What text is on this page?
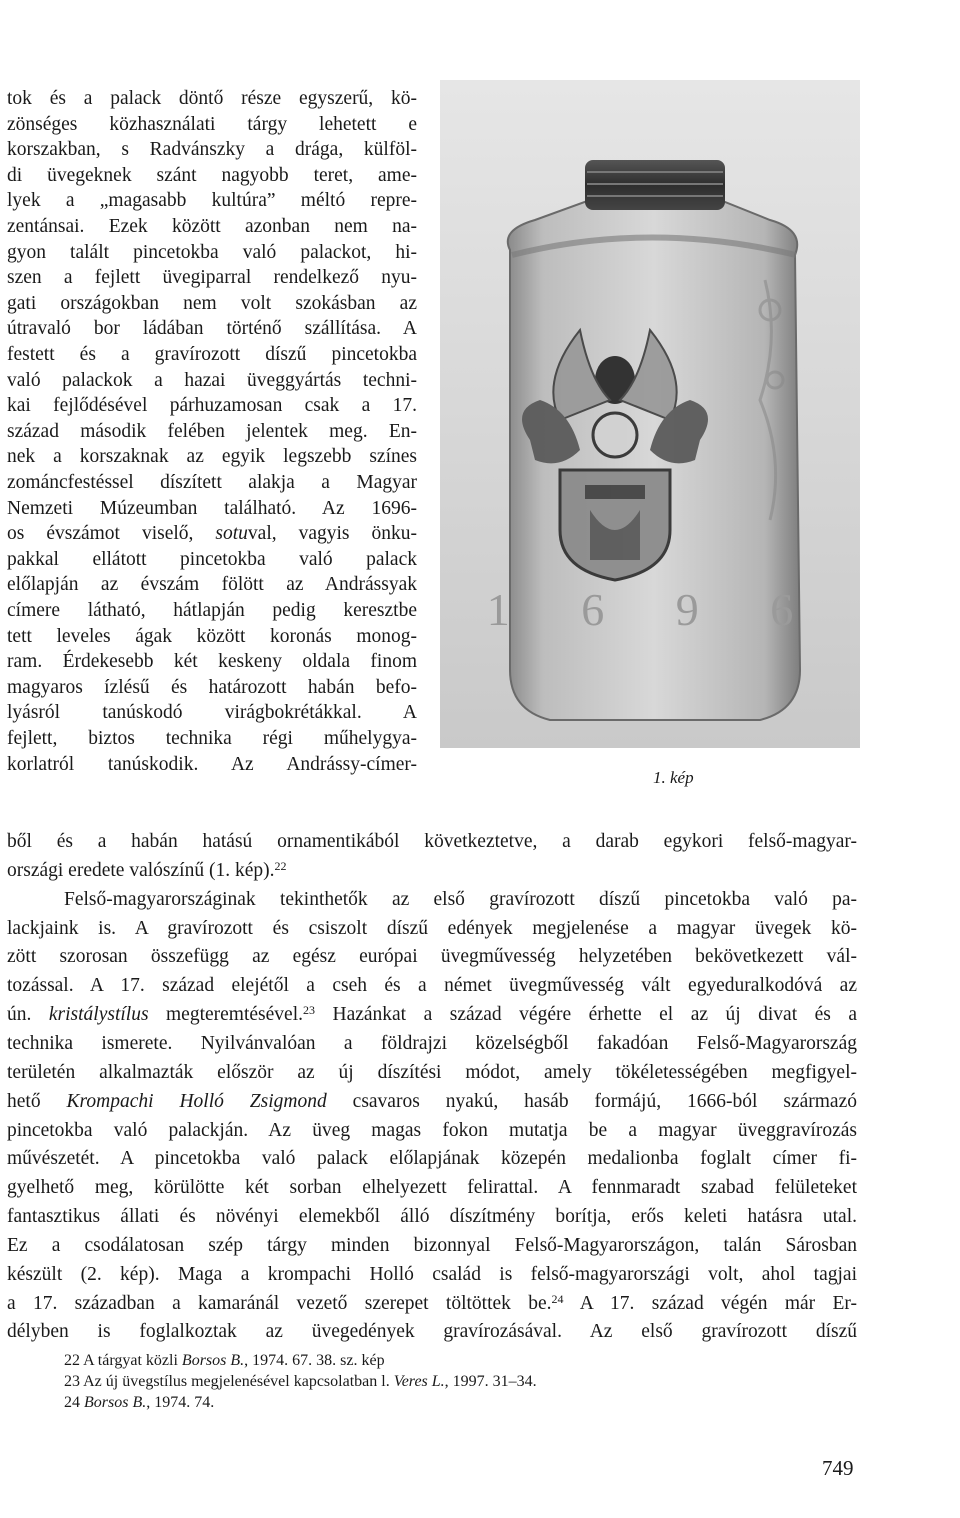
tok és a palack döntő része egyszerű, kö-
zönséges közhasználati tárgy lehetett e
korszakban, s Radvánszky a drága, külföl-
di üvegeknek szánt nagyobb teret, ame-
lyek a „magasabb kultúra” méltó repre-
zentánsai. Ezek között azonban nem na-
gyon talált pincetokba való palackot, hi-
szen a fejlett üvegiparral rendelkező nyu-
gati országokban nem volt szokásban az
útravaló bor ládában történő szállítása. A
festett és a gravírozott díszű pincetokba
való palackok a hazai üveggyártás techni-
kai fejlődésével párhuzamosan csak a 17.
század második felében jelentek meg. En-
nek a korszaknak az egyik legszebb színes
zománcfestéssel díszített alakja a Magyar
Nemzeti Múzeumban található. Az 1696-
os évszámot viselő, sotuval, vagyis önku-
pakkal ellátott pincetokba való palack
előlapján az évszám fölött az Andrássyak
címere látható, hátlapján pedig keresztbe
tett leveles ágak között koronás monog-
ram. Érdekesebb két keskeny oldala finom
magyaros ízlésű és határozott habán befo-
lyásról tanúskodó virágbokrétákkal. A
fejlett, biztos technika régi műhelygya-
korlatról tanúskodik. Az Andrássy-címer-
ből és a habán hatású ornamentikából következtetve, a darab egykori felső-magyar-
országi eredete valószínű (1. kép).$^{22}$
Felső-magyarországinak tekinthetők az első gravírozott díszű pincetokba való pa-
lackjaink is. A gravírozott és csiszolt díszű edények megjelenése a magyar üvegek kö-
zött szorosan összefügg az egész európai üvegművesség helyzetében bekövetkezett vál-
tozással. A 17. század elejétől a cseh és a német üvegművesség vált egyeduralkodóvá az
ún. kristálystílus megteremtésével.$^{23}$ Hazánkat a század végére érhette el az új divat és a
technika ismerete. Nyilvánvalóan a földrajzi közelségből fakadóan Felső-Magyarország
területén alkalmazták először az új díszítési módot, amely tökéletességében megfigyel-
hető Krompachi Holló Zsigmond csavaros nyakú, hasáb formájú, 1666-ból származó
pincetokba való palackján. Az üveg magas fokon mutatja be a magyar üveggravírozás
művészetét. A pincetokba való palack előlapjának közepén medalionba foglalt címer fi-
gyelhető meg, körülötte két sorban elhelyezett felirattal. A fennmaradt szabad felületeket
fantasztikus állati és növényi elemekből álló díszítmény borítja, erős keleti hatásra utal.
Ez a csodálatosan szép tárgy minden bizonnyal Felső-Magyarországon, talán Sárosban
készült (2. kép). Maga a krompachi Holló család is felső-magyarországi volt, ahol tagjai
a 17. században a kamaránál vezető szerepet töltöttek be.$^{24}$ A 17. század végén már Er-
délyben is foglalkoztak az üvegedények gravírozásával. Az első gravírozott díszű
1 6 9 6
1. kép
22 A tárgyat közli Borsos B., 1974. 67. 38. sz. kép
23 Az új üvegstílus megjelenésével kapcsolatban l. Veres L., 1997. 31–34.
24 Borsos B., 1974. 74.
749
